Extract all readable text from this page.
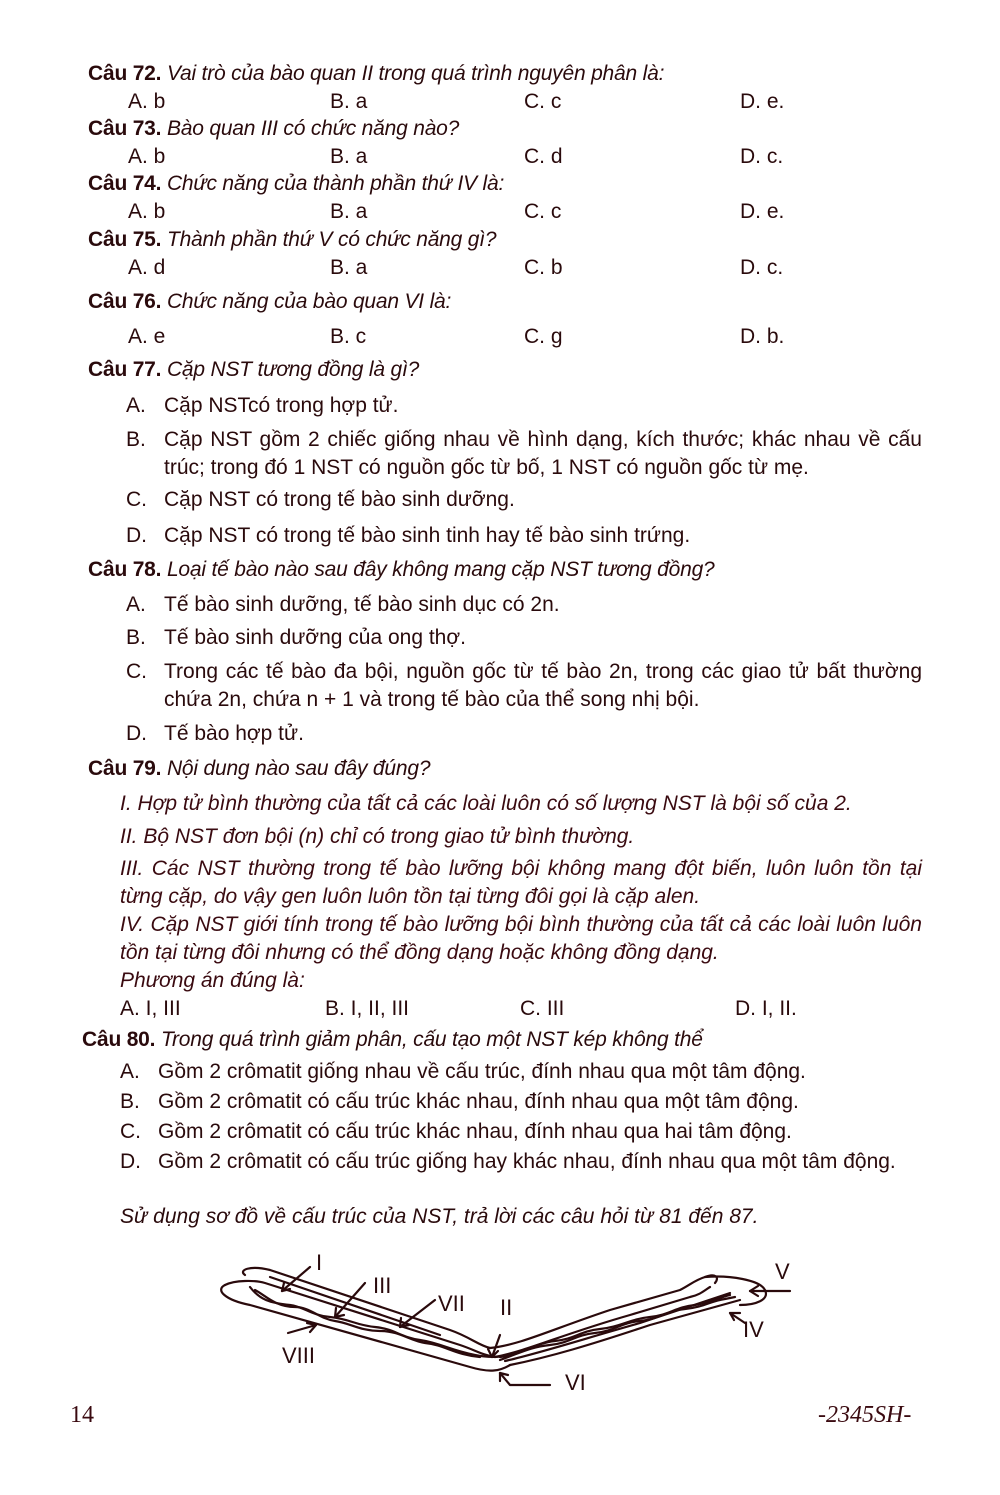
Câu 72. Vai trò của bào quan II trong quá trình nguyên phân là:
A. b	B. a	C. c	D. e.
Câu 73. Bào quan III có chức năng nào?
A. b	B. a	C. d	D. c.
Câu 74. Chức năng của thành phần thứ IV là:
A. b	B. a	C. c	D. e.
Câu 75. Thành phần thứ V có chức năng gì?
A. d	B. a	C. b	D. c.
Câu 76. Chức năng của bào quan VI là:
A. e	B. c	C. g	D. b.
Câu 77. Cặp NST tương đồng là gì?
A. Cặp NSTcó trong hợp tử.
B. Cặp NST gồm 2 chiếc giống nhau về hình dạng, kích thước; khác nhau về cấu trúc; trong đó 1 NST có nguồn gốc từ bố, 1 NST có nguồn gốc từ mẹ.
C. Cặp NST có trong tế bào sinh dưỡng.
D. Cặp NST có trong tế bào sinh tinh hay tế bào sinh trứng.
Câu 78. Loại tế bào nào sau đây không mang cặp NST tương đồng?
A. Tế bào sinh dưỡng, tế bào sinh dục có 2n.
B. Tế bào sinh dưỡng của ong thợ.
C. Trong các tế bào đa bội, nguồn gốc từ tế bào 2n, trong các giao tử bất thường chứa 2n, chứa n + 1 và trong tế bào của thể song nhị bội.
D. Tế bào hợp tử.
Câu 79. Nội dung nào sau đây đúng?
I. Hợp tử bình thường của tất cả các loài luôn có số lượng NST là bội số của 2.
II. Bộ NST đơn bội (n) chỉ có trong giao tử bình thường.
III. Các NST thường trong tế bào lưỡng bội không mang đột biến, luôn luôn tồn tại từng cặp, do vậy gen luôn luôn tồn tại từng đôi gọi là cặp alen.
IV. Cặp NST giới tính trong tế bào lưỡng bội bình thường của tất cả các loài luôn luôn tồn tại từng đôi nhưng có thể đồng dạng hoặc không đồng dạng.
Phương án đúng là:
A. I, III	B. I, II, III	C. III	D. I, II.
Câu 80. Trong quá trình giảm phân, cấu tạo một NST kép không thể
A. Gồm 2 crômatit giống nhau về cấu trúc, đính nhau qua một tâm động.
B. Gồm 2 crômatit có cấu trúc khác nhau, đính nhau qua một tâm động.
C. Gồm 2 crômatit có cấu trúc khác nhau, đính nhau qua hai tâm động.
D. Gồm 2 crômatit có cấu trúc giống hay khác nhau, đính nhau qua một tâm động.
Sử dụng sơ đồ về cấu trúc của NST, trả lời các câu hỏi từ 81 đến 87.
I
III
VII II
V
IV
VI
VIII
14	-2345SH-
